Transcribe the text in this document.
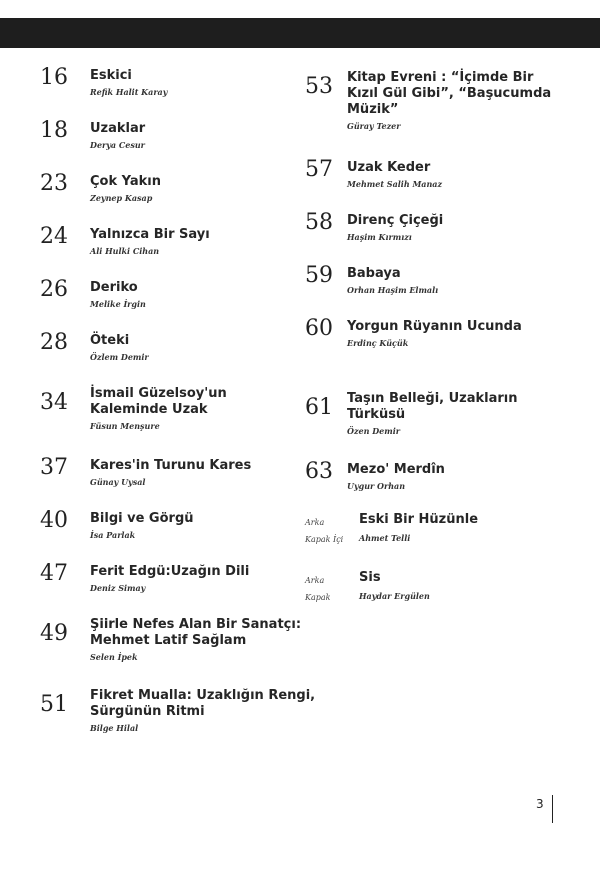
16 Eskici
Refik Halit Karay
18 Uzaklar
Derya Cesur
23 Çok Yakın
Zeynep Kasap
24 Yalnızca Bir Sayı
Ali Hulki Cihan
26 Deriko
Melike İrgin
28 Öteki
Özlem Demir
34 İsmail Güzelsoy'un
Kaleminde Uzak
Füsun Menşure
37 Kares'in Turunu Kares
Günay Uysal
40 Bilgi ve Görgü
İsa Parlak
47 Ferit Edgü:Uzağın Dili
Deniz Simay
49 Şiirle Nefes Alan Bir Sanatçı:
Mehmet Latif Sağlam
Selen İpek
51 Fikret Mualla: Uzaklığın Rengi,
Sürgünün Ritmi
Bilge Hilal
53 Kitap Evreni : “İçimde Bir
Kızıl Gül Gibi”, “Başucumda
Müzik”
Güray Tezer
57 Uzak Keder
Mehmet Salih Manaz
58 Direnç Çiçeği
Haşim Kırmızı
59 Babaya
Orhan Haşim Elmalı
60 Yorgun Rüyanın Ucunda
Erdinç Küçük
61 Taşın Belleği, Uzakların
Türküsü
Özen Demir
63 Mezo' Merdîn
Uygur Orhan
Arka
Kapak İçi
Eski Bir Hüzünle
Ahmet Telli
Arka
Kapak
Sis
Haydar Ergülen
3
